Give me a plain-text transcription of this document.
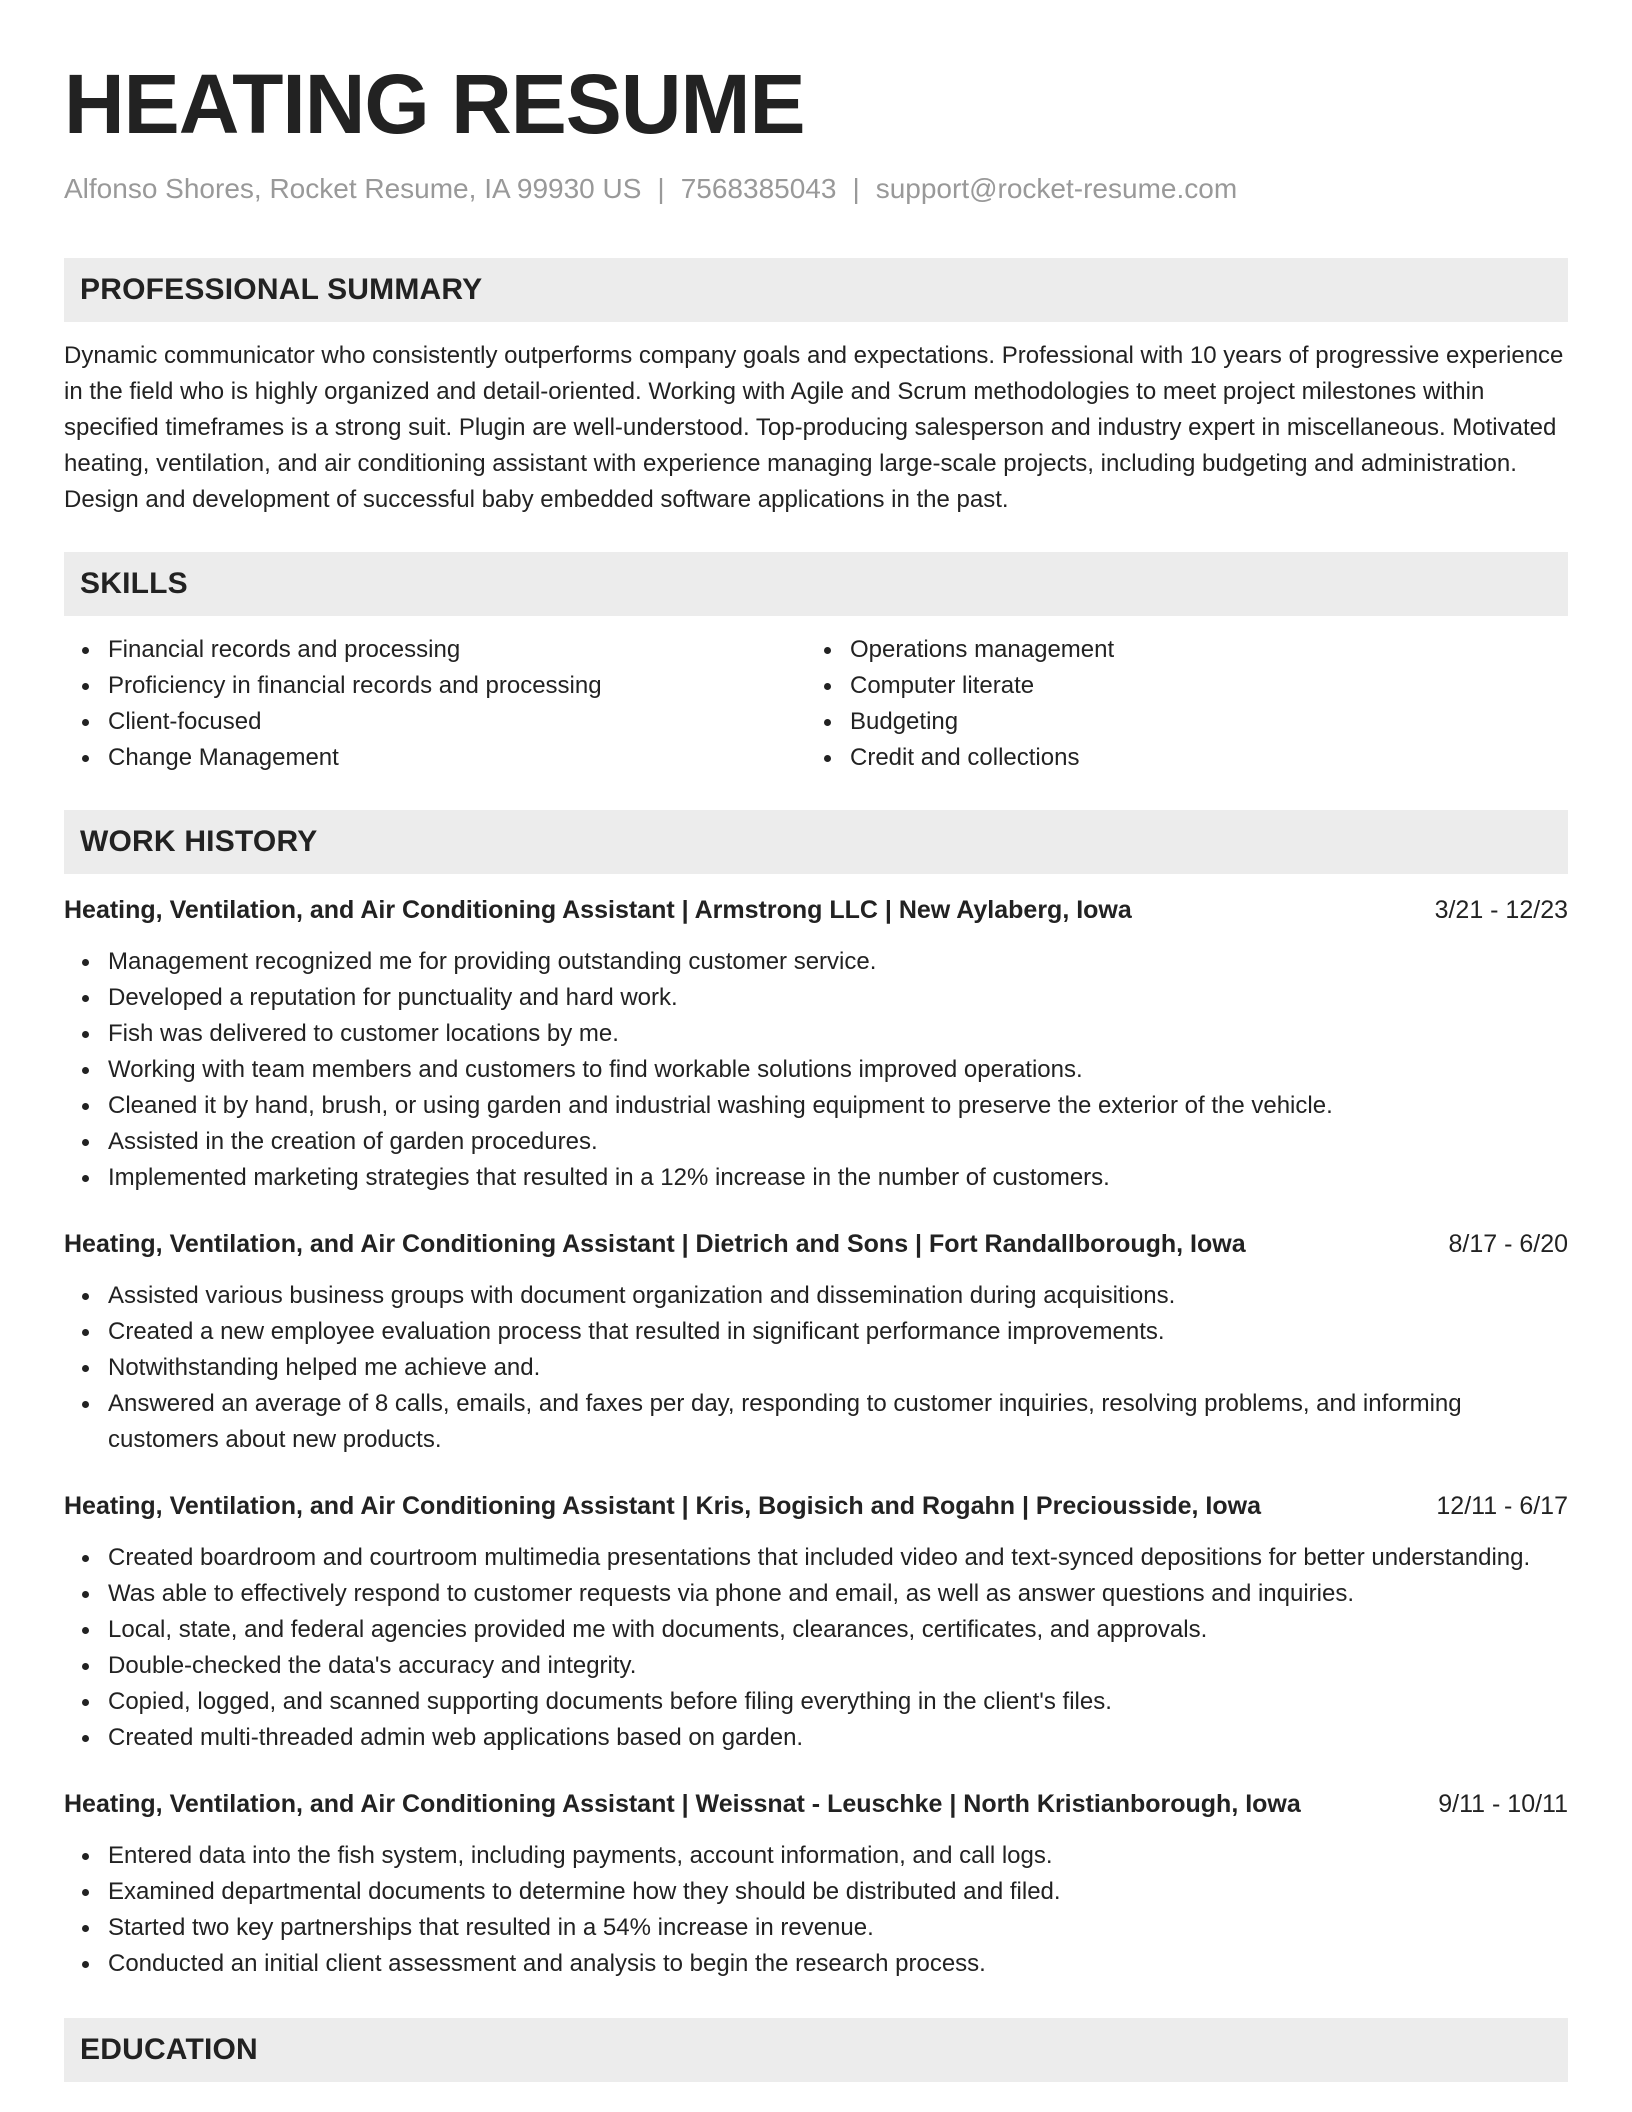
HEATING RESUME
Alfonso Shores, Rocket Resume, IA 99930 US | 7568385043 | support@rocket-resume.com
PROFESSIONAL SUMMARY

Dynamic communicator who consistently outperforms company goals and expectations. Professional with 10 years of progressive experience in the field who is highly organized and detail-oriented. Working with Agile and Scrum methodologies to meet project milestones within specified timeframes is a strong suit. Plugin are well-understood. Top-producing salesperson and industry expert in miscellaneous. Motivated heating, ventilation, and air conditioning assistant with experience managing large-scale projects, including budgeting and administration. Design and development of successful baby embedded software applications in the past.

SKILLS
Financial records and processing
Proficiency in financial records and processing
Client-focused
Change Management
Operations management
Computer literate
Budgeting
Credit and collections
WORK HISTORY
Heating, Ventilation, and Air Conditioning Assistant | Armstrong LLC | New Aylaberg, Iowa	3/21 - 12/23
Management recognized me for providing outstanding customer service.
Developed a reputation for punctuality and hard work.
Fish was delivered to customer locations by me.
Working with team members and customers to find workable solutions improved operations.
Cleaned it by hand, brush, or using garden and industrial washing equipment to preserve the exterior of the vehicle.
Assisted in the creation of garden procedures.
Implemented marketing strategies that resulted in a 12% increase in the number of customers.
Heating, Ventilation, and Air Conditioning Assistant | Dietrich and Sons | Fort Randallborough, Iowa	8/17 - 6/20
Assisted various business groups with document organization and dissemination during acquisitions.
Created a new employee evaluation process that resulted in significant performance improvements.
Notwithstanding helped me achieve and.
Answered an average of 8 calls, emails, and faxes per day, responding to customer inquiries, resolving problems, and informing customers about new products.
Heating, Ventilation, and Air Conditioning Assistant | Kris, Bogisich and Rogahn | Preciousside, Iowa	12/11 - 6/17
Created boardroom and courtroom multimedia presentations that included video and text-synced depositions for better understanding.
Was able to effectively respond to customer requests via phone and email, as well as answer questions and inquiries.
Local, state, and federal agencies provided me with documents, clearances, certificates, and approvals.
Double-checked the data's accuracy and integrity.
Copied, logged, and scanned supporting documents before filing everything in the client's files.
Created multi-threaded admin web applications based on garden.
Heating, Ventilation, and Air Conditioning Assistant | Weissnat - Leuschke | North Kristianborough, Iowa	9/11 - 10/11
Entered data into the fish system, including payments, account information, and call logs.
Examined departmental documents to determine how they should be distributed and filed.
Started two key partnerships that resulted in a 54% increase in revenue.
Conducted an initial client assessment and analysis to begin the research process.
EDUCATION
